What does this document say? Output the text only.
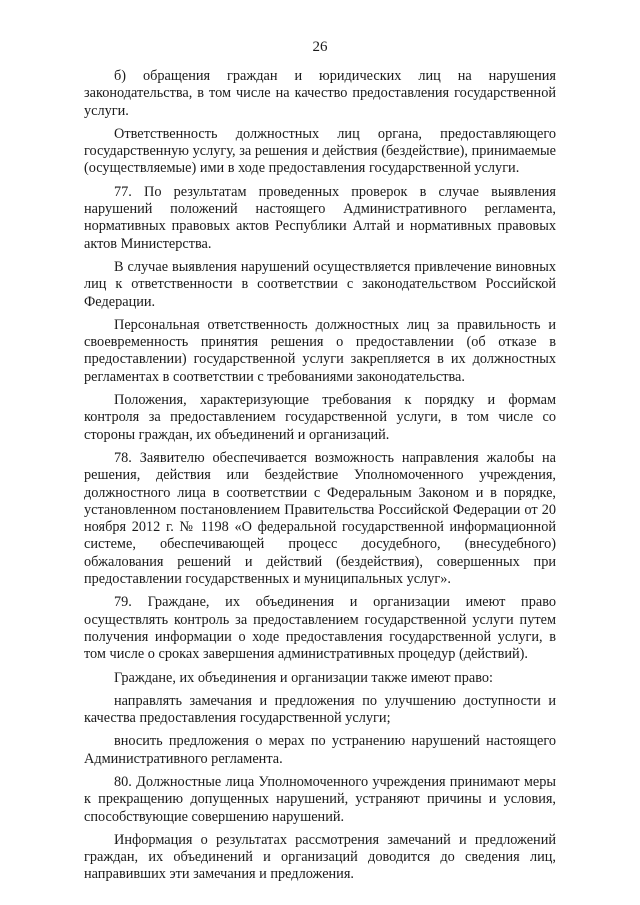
26

б) обращения граждан и юридических лиц на нарушения законодательства, в том числе на качество предоставления государственной услуги.

Ответственность должностных лиц органа, предоставляющего государственную услугу, за решения и действия (бездействие), принимаемые (осуществляемые) ими в ходе предоставления государственной услуги.

77. По результатам проведенных проверок в случае выявления нарушений положений настоящего Административного регламента, нормативных правовых актов Республики Алтай и нормативных правовых актов Министерства.

В случае выявления нарушений осуществляется привлечение виновных лиц к ответственности в соответствии с законодательством Российской Федерации.

Персональная ответственность должностных лиц за правильность и своевременность принятия решения о предоставлении (об отказе в предоставлении) государственной услуги закрепляется в их должностных регламентах в соответствии с требованиями законодательства.

Положения, характеризующие требования к порядку и формам контроля за предоставлением государственной услуги, в том числе со стороны граждан, их объединений и организаций.

78. Заявителю обеспечивается возможность направления жалобы на решения, действия или бездействие Уполномоченного учреждения, должностного лица в соответствии с Федеральным Законом и в порядке, установленном постановлением Правительства Российской Федерации от 20 ноября 2012 г. № 1198 «О федеральной государственной информационной системе, обеспечивающей процесс досудебного, (внесудебного) обжалования решений и действий (бездействия), совершенных при предоставлении государственных и муниципальных услуг».

79. Граждане, их объединения и организации имеют право осуществлять контроль за предоставлением государственной услуги путем получения информации о ходе предоставления государственной услуги, в том числе о сроках завершения административных процедур (действий).

Граждане, их объединения и организации также имеют право:

направлять замечания и предложения по улучшению доступности и качества предоставления государственной услуги;

вносить предложения о мерах по устранению нарушений настоящего Административного регламента.

80. Должностные лица Уполномоченного учреждения принимают меры к прекращению допущенных нарушений, устраняют причины и условия, способствующие совершению нарушений.

Информация о результатах рассмотрения замечаний и предложений граждан, их объединений и организаций доводится до сведения лиц, направивших эти замечания и предложения.
